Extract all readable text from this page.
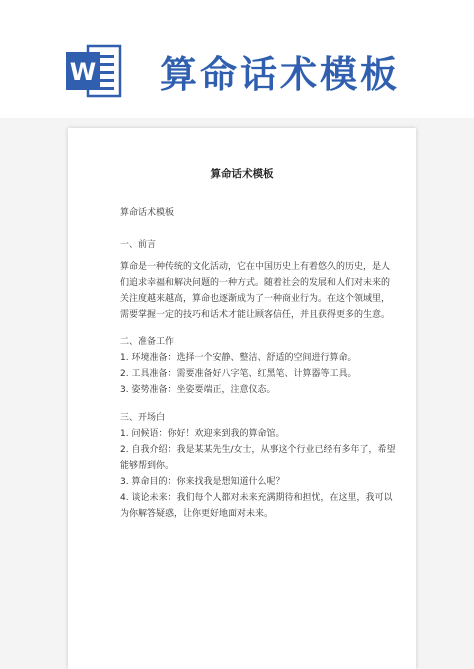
W 算命话术模板
算命话术模板
算命话术模板
一、前言
算命是一种传统的文化活动，它在中国历史上有着悠久的历史，是人
们追求幸福和解决问题的一种方式。随着社会的发展和人们对未来的
关注度越来越高，算命也逐渐成为了一种商业行为。在这个领域里，
需要掌握一定的技巧和话术才能让顾客信任，并且获得更多的生意。
二、准备工作
1. 环境准备：选择一个安静、整洁、舒适的空间进行算命。
2. 工具准备：需要准备好八字笔、红黑笔、计算器等工具。
3. 姿势准备：坐姿要端正，注意仪态。
三、开场白
1. 问候语：你好！欢迎来到我的算命馆。
2. 自我介绍：我是某某先生/女士，从事这个行业已经有多年了，希望
能够帮到你。
3. 算命目的：你来找我是想知道什么呢？
4. 谈论未来：我们每个人都对未来充满期待和担忧，在这里，我可以
为你解答疑惑，让你更好地面对未来。
